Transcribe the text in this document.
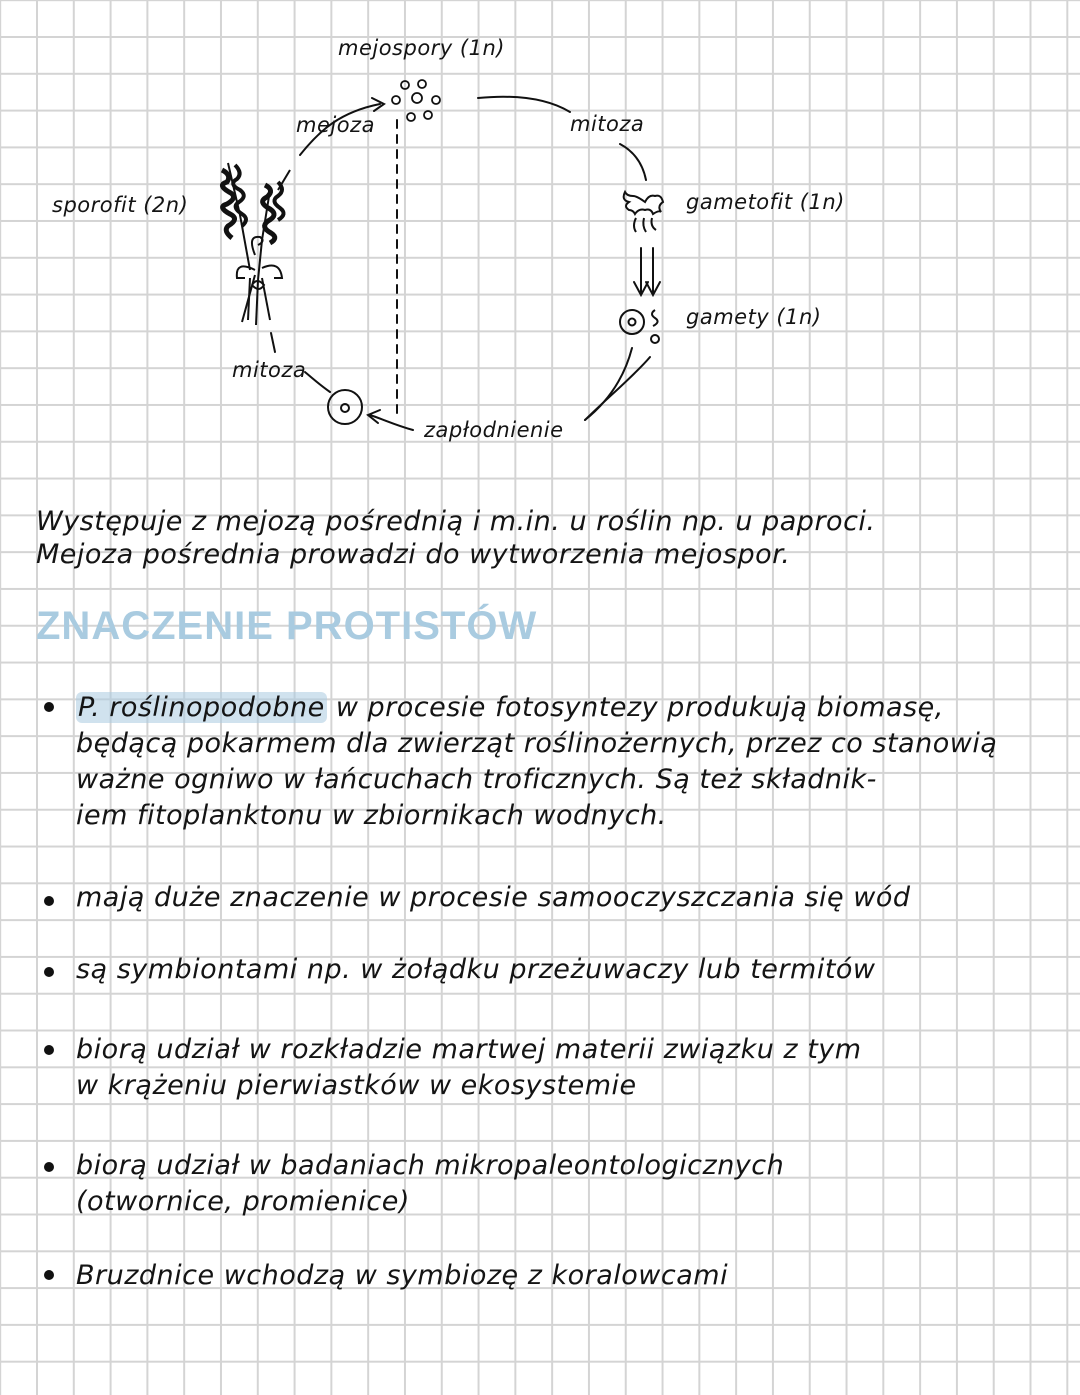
mejospory (1n)
mejoza	mitoza
sporofit (2n)	gametofit (1n)
gamety (1n)
mitoza
zapłodnienie
Występuje z mejozą pośrednią i m.in. u roślin np. u paproci.
Mejoza pośrednia prowadzi do wytworzenia mejospor.
ZNACZENIE PROTISTÓW
P. roślinopodobne w procesie fotosyntezy produkują biomasę,
będącą pokarmem dla zwierząt roślinożernych, przez co stanowią
ważne ogniwo w łańcuchach troficznych. Są też składnik-
iem fitoplanktonu w zbiornikach wodnych.
mają duże znaczenie w procesie samooczyszczania się wód
są symbiontami np. w żołądku przeżuwaczy lub termitów
biorą udział w rozkładzie martwej materii związku z tym
w krążeniu pierwiastków w ekosystemie
biorą udział w badaniach mikropaleontologicznych
(otwornice, promienice)
Bruzdnice wchodzą w symbiozę z koralowcami
